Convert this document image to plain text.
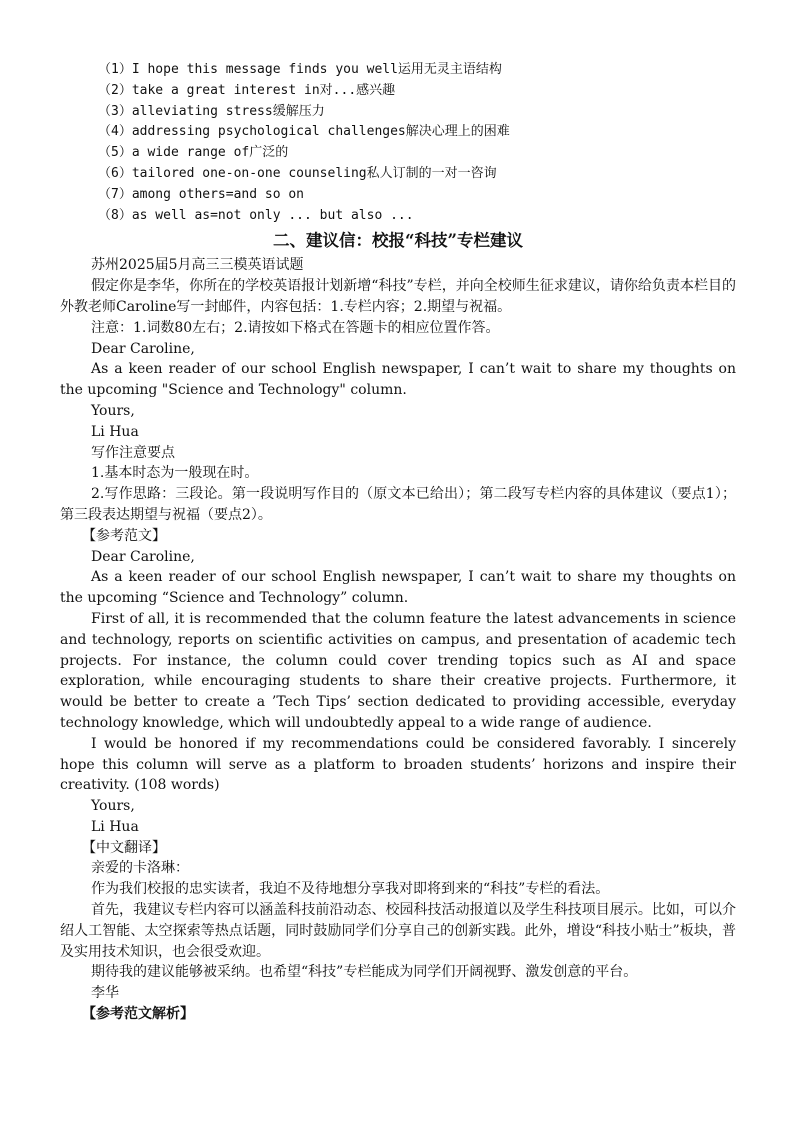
（1）I hope this message finds you well运用无灵主语结构
（2）take a great interest in对...感兴趣
（3）alleviating stress缓解压力
（4）addressing psychological challenges解决心理上的困难
（5）a wide range of广泛的
（6）tailored one-on-one counseling私人订制的一对一咨询
（7）among others=and so on
（8）as well as=not only ... but also ...
二、建议信：校报“科技”专栏建议
苏州2025届5月高三三模英语试题

假定你是李华，你所在的学校英语报计划新增“科技”专栏，并向全校师生征求建议，请你给负责本栏目的外教老师Caroline写一封邮件，内容包括：1.专栏内容；2.期望与祝福。

注意：1.词数80左右；2.请按如下格式在答题卡的相应位置作答。
Dear Caroline,

As a keen reader of our school English newspaper, I can’t wait to share my thoughts on the upcoming "Science and Technology" column.

Yours,
Li Hua
写作注意要点
1.基本时态为一般现在时。

2.写作思路：三段论。第一段说明写作目的（原文本已给出）；第二段写专栏内容的具体建议（要点1）；第三段表达期望与祝福（要点2）。

【参考范文】
Dear Caroline,

As a keen reader of our school English newspaper, I can’t wait to share my thoughts on the upcoming “Science and Technology” column.

First of all, it is recommended that the column feature the latest advancements in science and technology, reports on scientific activities on campus, and presentation of academic tech projects. For instance, the column could cover trending topics such as AI and space exploration, while encouraging students to share their creative projects. Furthermore, it would be better to create a ’Tech Tips’ section dedicated to providing accessible, everyday technology knowledge, which will undoubtedly appeal to a wide range of audience.

I would be honored if my recommendations could be considered favorably. I sincerely hope this column will serve as a platform to broaden students’ horizons and inspire their creativity. (108 words)

Yours,
Li Hua
【中文翻译】
亲爱的卡洛琳：

作为我们校报的忠实读者，我迫不及待地想分享我对即将到来的“科技”专栏的看法。

首先，我建议专栏内容可以涵盖科技前沿动态、校园科技活动报道以及学生科技项目展示。比如，可以介绍人工智能、太空探索等热点话题，同时鼓励同学们分享自己的创新实践。此外，增设“科技小贴士”板块，普及实用技术知识，也会很受欢迎。

期待我的建议能够被采纳。也希望“科技”专栏能成为同学们开阔视野、激发创意的平台。

李华
【参考范文解析】
